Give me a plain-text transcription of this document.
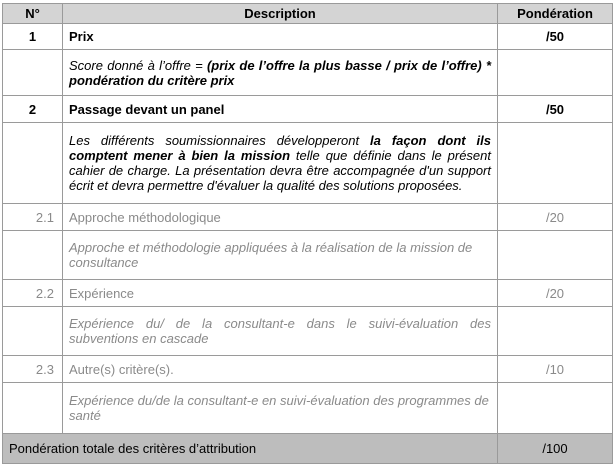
N°	Description	Pondération
1	Prix	/50
	Score donné à l’offre = (prix de l’offre la plus basse / prix de l’offre) * pondération du critère prix	
2	Passage devant un panel	/50
	Les différents soumissionnaires développeront la façon dont ils comptent mener à bien la mission telle que définie dans le présent cahier de charge. La présentation devra être accompagnée d'un support écrit et devra permettre d'évaluer la qualité des solutions proposées.	
2.1	Approche méthodologique	/20
	Approche et méthodologie appliquées à la réalisation de la mission de consultance	
2.2	Expérience	/20
	Expérience du/ de la consultant-e dans le suivi-évaluation des subventions en cascade	
2.3	Autre(s) critère(s).	/10
	Expérience du/de la consultant-e en suivi-évaluation des programmes de santé	
Pondération totale des critères d’attribution		/100
